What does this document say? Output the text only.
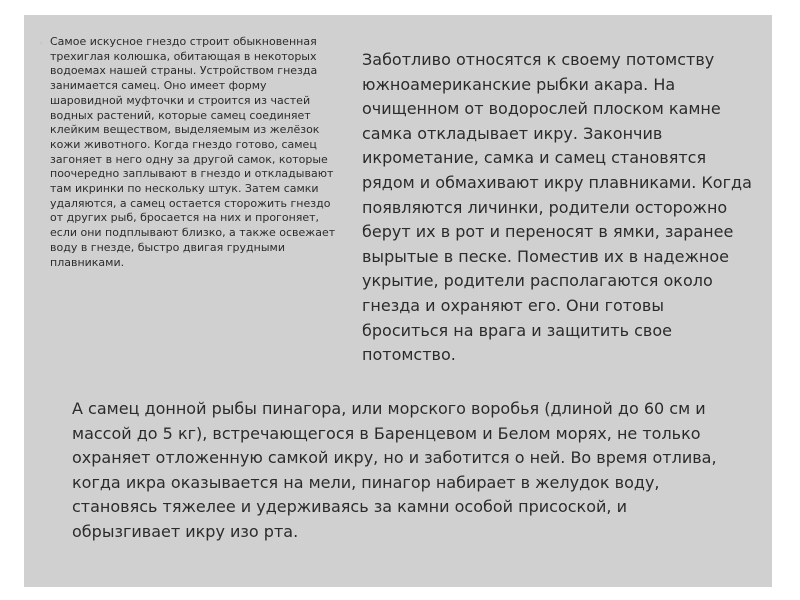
• Самое искусное гнездо строит обыкновенная трехиглая колюшка, обитающая в некоторых водоемах нашей страны. Устройством гнезда занимается самец. Оно имеет форму шаровидной муфточки и строится из частей водных растений, которые самец соединяет клейким веществом, выделяемым из желёзок кожи животного. Когда гнездо готово, самец загоняет в него одну за другой самок, которые поочередно заплывают в гнездо и откладывают там икринки по нескольку штук. Затем самки удаляются, а самец остается сторожить гнездо от других рыб, бросается на них и прогоняет, если они подплывают близко, а также освежает воду в гнезде, быстро двигая грудными плавниками.

Заботливо относятся к своему потомству южноамериканские рыбки акара. На очищенном от водорослей плоском камне самка откладывает икру. Закончив икрометание, самка и самец становятся рядом и обмахивают икру плавниками. Когда появляются личинки, родители осторожно берут их в рот и переносят в ямки, заранее вырытые в песке. Поместив их в надежное укрытие, родители располагаются около гнезда и охраняют его. Они готовы броситься на врага и защитить свое потомство.

А самец донной рыбы пинагора, или морского воробья (длиной до 60 см и массой до 5 кг), встречающегося в Баренцевом и Белом морях, не только охраняет отложенную самкой икру, но и заботится о ней. Во время отлива, когда икра оказывается на мели, пинагор набирает в желудок воду, становясь тяжелее и удерживаясь за камни особой присоской, и обрызгивает икру изо рта.
